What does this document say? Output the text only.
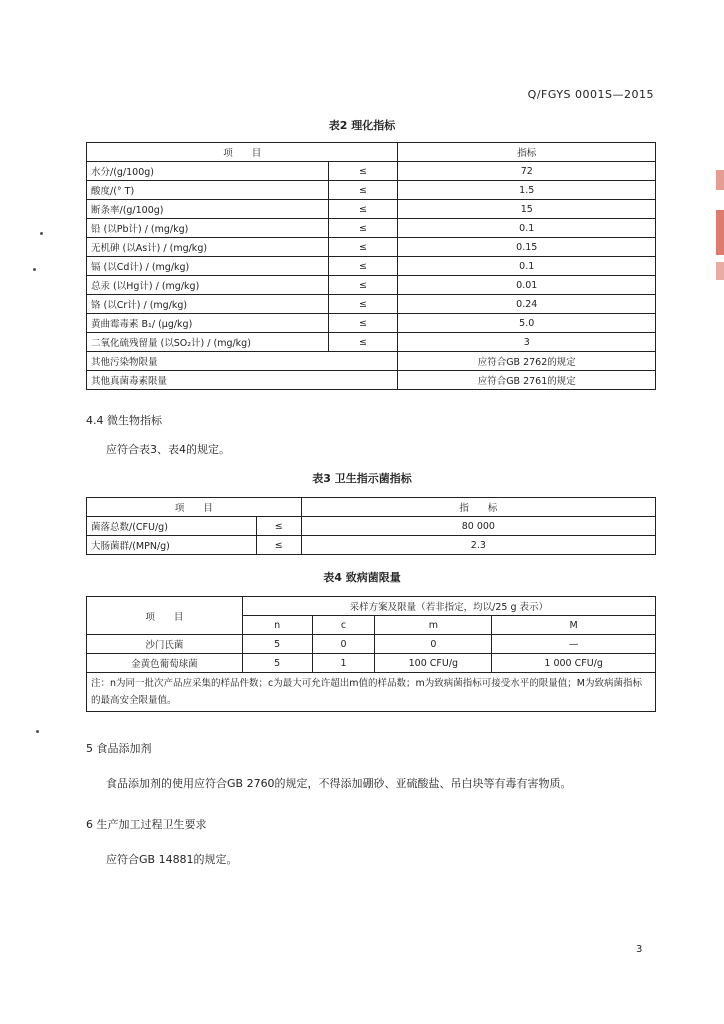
Q/FGYS 0001S—2015
表2 理化指标
项　　目		指标
水分/(g/100g)	≤	72
酸度/(° T)	≤	1.5
断条率/(g/100g)	≤	15
铅 (以Pb计) / (mg/kg)	≤	0.1
无机砷 (以As计) / (mg/kg)	≤	0.15
镉 (以Cd计) / (mg/kg)	≤	0.1
总汞 (以Hg计) / (mg/kg)	≤	0.01
铬 (以Cr计) / (mg/kg)	≤	0.24
黄曲霉毒素 B₁/ (μg/kg)	≤	5.0
二氧化硫残留量 (以SO₂计) / (mg/kg)	≤	3
其他污染物限量		应符合GB 2762的规定
其他真菌毒素限量		应符合GB 2761的规定
4.4 微生物指标
应符合表3、表4的规定。
表3 卫生指示菌指标
项　　目		指　　标
菌落总数/(CFU/g)	≤	80 000
大肠菌群/(MPN/g)	≤	2.3
表4 致病菌限量
项　　目	采样方案及限量（若非指定，均以/25 g 表示）			
	n	c	m	M
沙门氏菌	5	0	0	—
金黄色葡萄球菌	5	1	100 CFU/g	1 000 CFU/g
注：n为同一批次产品应采集的样品件数；c为最大可允许超出m值的样品数；m为致病菌指标可接受水平的限量值；M为致病菌指标的最高安全限量值。				
5 食品添加剂
食品添加剂的使用应符合GB 2760的规定，不得添加硼砂、亚硫酸盐、吊白块等有毒有害物质。
6 生产加工过程卫生要求
应符合GB 14881的规定。
3
